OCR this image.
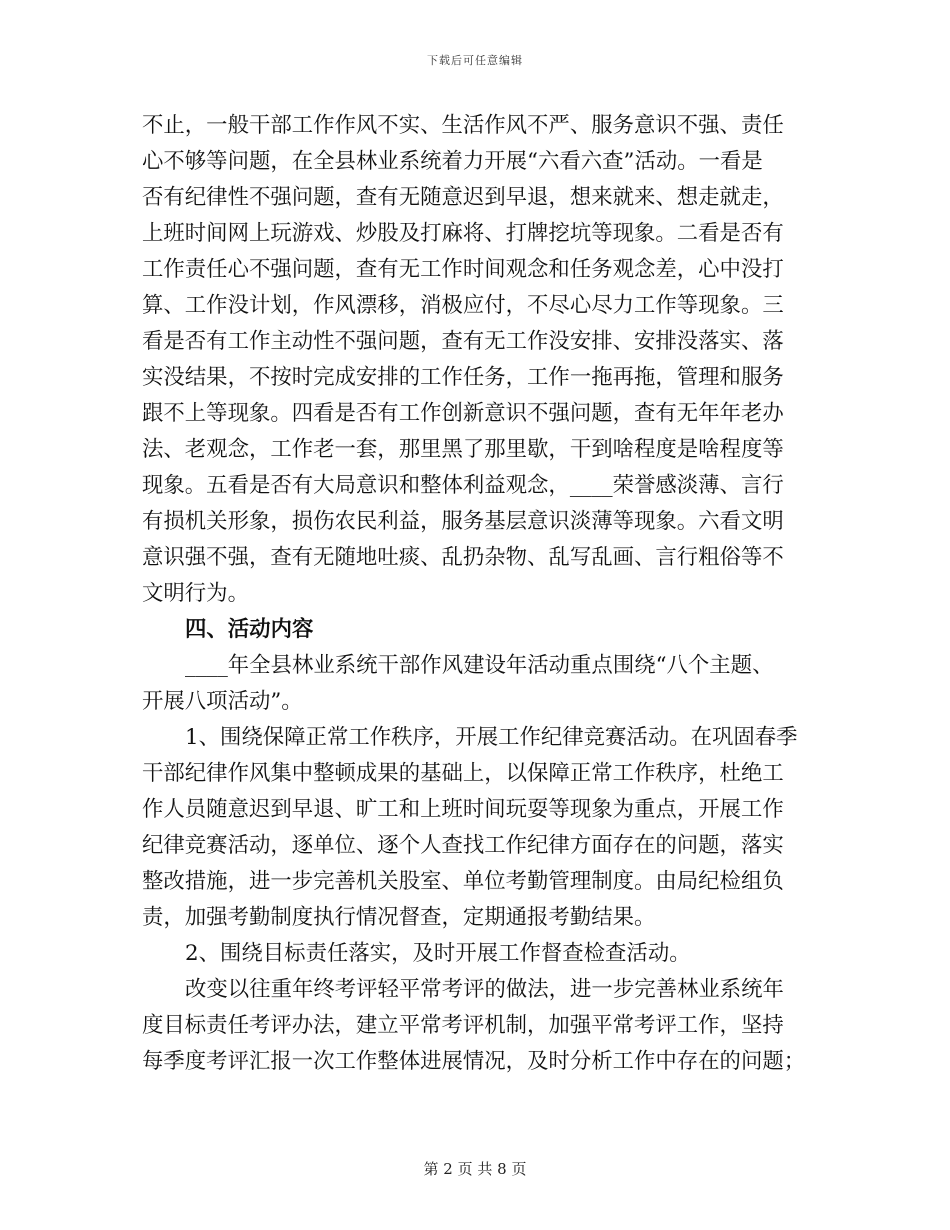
下载后可任意编辑
不止，一般干部工作作风不实、生活作风不严、服务意识不强、责任
心不够等问题，在全县林业系统着力开展“六看六查”活动。一看是
否有纪律性不强问题，查有无随意迟到早退，想来就来、想走就走，
上班时间网上玩游戏、炒股及打麻将、打牌挖坑等现象。二看是否有
工作责任心不强问题，查有无工作时间观念和任务观念差，心中没打
算、工作没计划，作风漂移，消极应付，不尽心尽力工作等现象。三
看是否有工作主动性不强问题，查有无工作没安排、安排没落实、落
实没结果，不按时完成安排的工作任务，工作一拖再拖，管理和服务
跟不上等现象。四看是否有工作创新意识不强问题，查有无年年老办
法、老观念，工作老一套，那里黑了那里歇，干到啥程度是啥程度等
现象。五看是否有大局意识和整体利益观念，____荣誉感淡薄、言行
有损机关形象，损伤农民利益，服务基层意识淡薄等现象。六看文明
意识强不强，查有无随地吐痰、乱扔杂物、乱写乱画、言行粗俗等不
文明行为。
四、活动内容
____年全县林业系统干部作风建设年活动重点围绕“八个主题、
开展八项活动”。
1、围绕保障正常工作秩序，开展工作纪律竞赛活动。在巩固春季
干部纪律作风集中整顿成果的基础上，以保障正常工作秩序，杜绝工
作人员随意迟到早退、旷工和上班时间玩耍等现象为重点，开展工作
纪律竞赛活动，逐单位、逐个人查找工作纪律方面存在的问题，落实
整改措施，进一步完善机关股室、单位考勤管理制度。由局纪检组负
责，加强考勤制度执行情况督查，定期通报考勤结果。
2、围绕目标责任落实，及时开展工作督查检查活动。
改变以往重年终考评轻平常考评的做法，进一步完善林业系统年
度目标责任考评办法，建立平常考评机制，加强平常考评工作，坚持
每季度考评汇报一次工作整体进展情况，及时分析工作中存在的问题；
第 2 页 共 8 页
